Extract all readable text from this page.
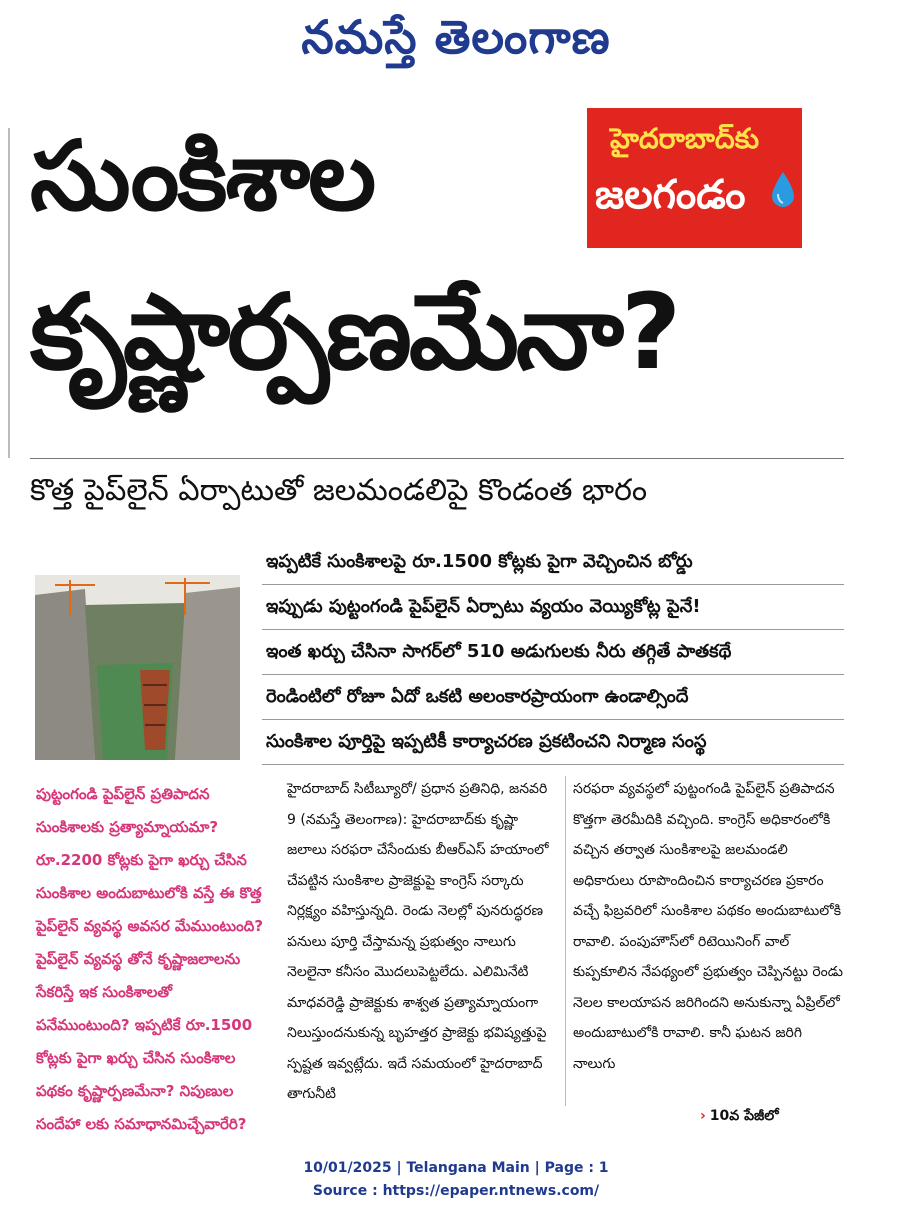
నమస్తే తెలంగాణ
సుంకిశాల
కృష్ణార్పణమేనా?
హైదరాబాద్‌కు
జలగండం
కొత్త పైప్‌లైన్ ఏర్పాటుతో జలమండలిపై కొండంత భారం
ఇప్పటికే సుంకిశాలపై రూ.1500 కోట్లకు పైగా వెచ్చించిన బోర్డు
ఇప్పుడు పుట్టంగండి పైప్‌లైన్ ఏర్పాటు వ్యయం వెయ్యికోట్ల పైనే!
ఇంత ఖర్చు చేసినా సాగర్‌లో 510 అడుగులకు నీరు తగ్గితే పాతకథే
రెండింటిలో రోజూ ఏదో ఒకటి అలంకారప్రాయంగా ఉండాల్సిందే
సుంకిశాల పూర్తిపై ఇప్పటికీ కార్యాచరణ ప్రకటించని నిర్మాణ సంస్థ

పుట్టంగండి పైప్‌లైన్ ప్రతిపాదన సుంకిశాలకు ప్రత్యామ్నాయమా? రూ.2200 కోట్లకు పైగా ఖర్చు చేసిన సుంకిశాల అందుబాటులోకి వస్తే ఈ కొత్త పైప్‌లైన్ వ్యవస్థ అవసర మేముంటుంది? పైప్‌లైన్ వ్యవస్థ తోనే కృష్ణాజలాలను సేకరిస్తే ఇక సుంకిశాలతో పనేముంటుంది? ఇప్పటికే రూ.1500 కోట్లకు పైగా ఖర్చు చేసిన సుంకిశాల పథకం కృష్ణార్పణమేనా? నిపుణుల సందేహా లకు సమాధానమిచ్చేవారేరి?

హైదరాబాద్ సిటీబ్యూరో/ ప్రధాన ప్రతినిధి, జనవరి 9 (నమస్తే తెలంగాణ): హైదరాబాద్‌కు కృష్ణా జలాలు సరఫరా చేసేందుకు బీఆర్‌ఎస్ హయాంలో చేపట్టిన సుంకిశాల ప్రాజెక్టుపై కాంగ్రెస్ సర్కారు నిర్లక్ష్యం వహిస్తున్నది. రెండు నెలల్లో పునరుద్ధరణ పనులు పూర్తి చేస్తామన్న ప్రభుత్వం నాలుగు నెలలైనా కనీసం మొదలుపెట్టలేదు. ఎలిమినేటి మాధవరెడ్డి ప్రాజెక్టుకు శాశ్వత ప్రత్యామ్నాయంగా నిలుస్తుందనుకున్న బృహత్తర ప్రాజెక్టు భవిష్యత్తుపై స్పష్టత ఇవ్వట్లేదు. ఇదే సమయంలో హైదరాబాద్ తాగునీటి

సరఫరా వ్యవస్థలో పుట్టంగండి పైప్‌లైన్ ప్రతిపాదన కొత్తగా తెరమీదికి వచ్చింది. కాంగ్రెస్ అధికారంలోకి వచ్చిన తర్వాత సుంకిశాలపై జలమండలి అధికారులు రూపొందించిన కార్యాచరణ ప్రకారం వచ్చే ఫిబ్రవరిలో సుంకిశాల పథకం అందుబాటులోకి రావాలి. పంపుహౌస్‌లో రిటెయినింగ్ వాల్ కుప్పకూలిన నేపథ్యంలో ప్రభుత్వం చెప్పినట్టు రెండు నెలల కాలయాపన జరిగిందని అనుకున్నా ఏప్రిల్‌లో అందుబాటులోకి రావాలి. కానీ ఘటన జరిగి నాలుగు

› 10వ పేజీలో
10/01/2025 | Telangana Main | Page : 1
Source : https://epaper.ntnews.com/
